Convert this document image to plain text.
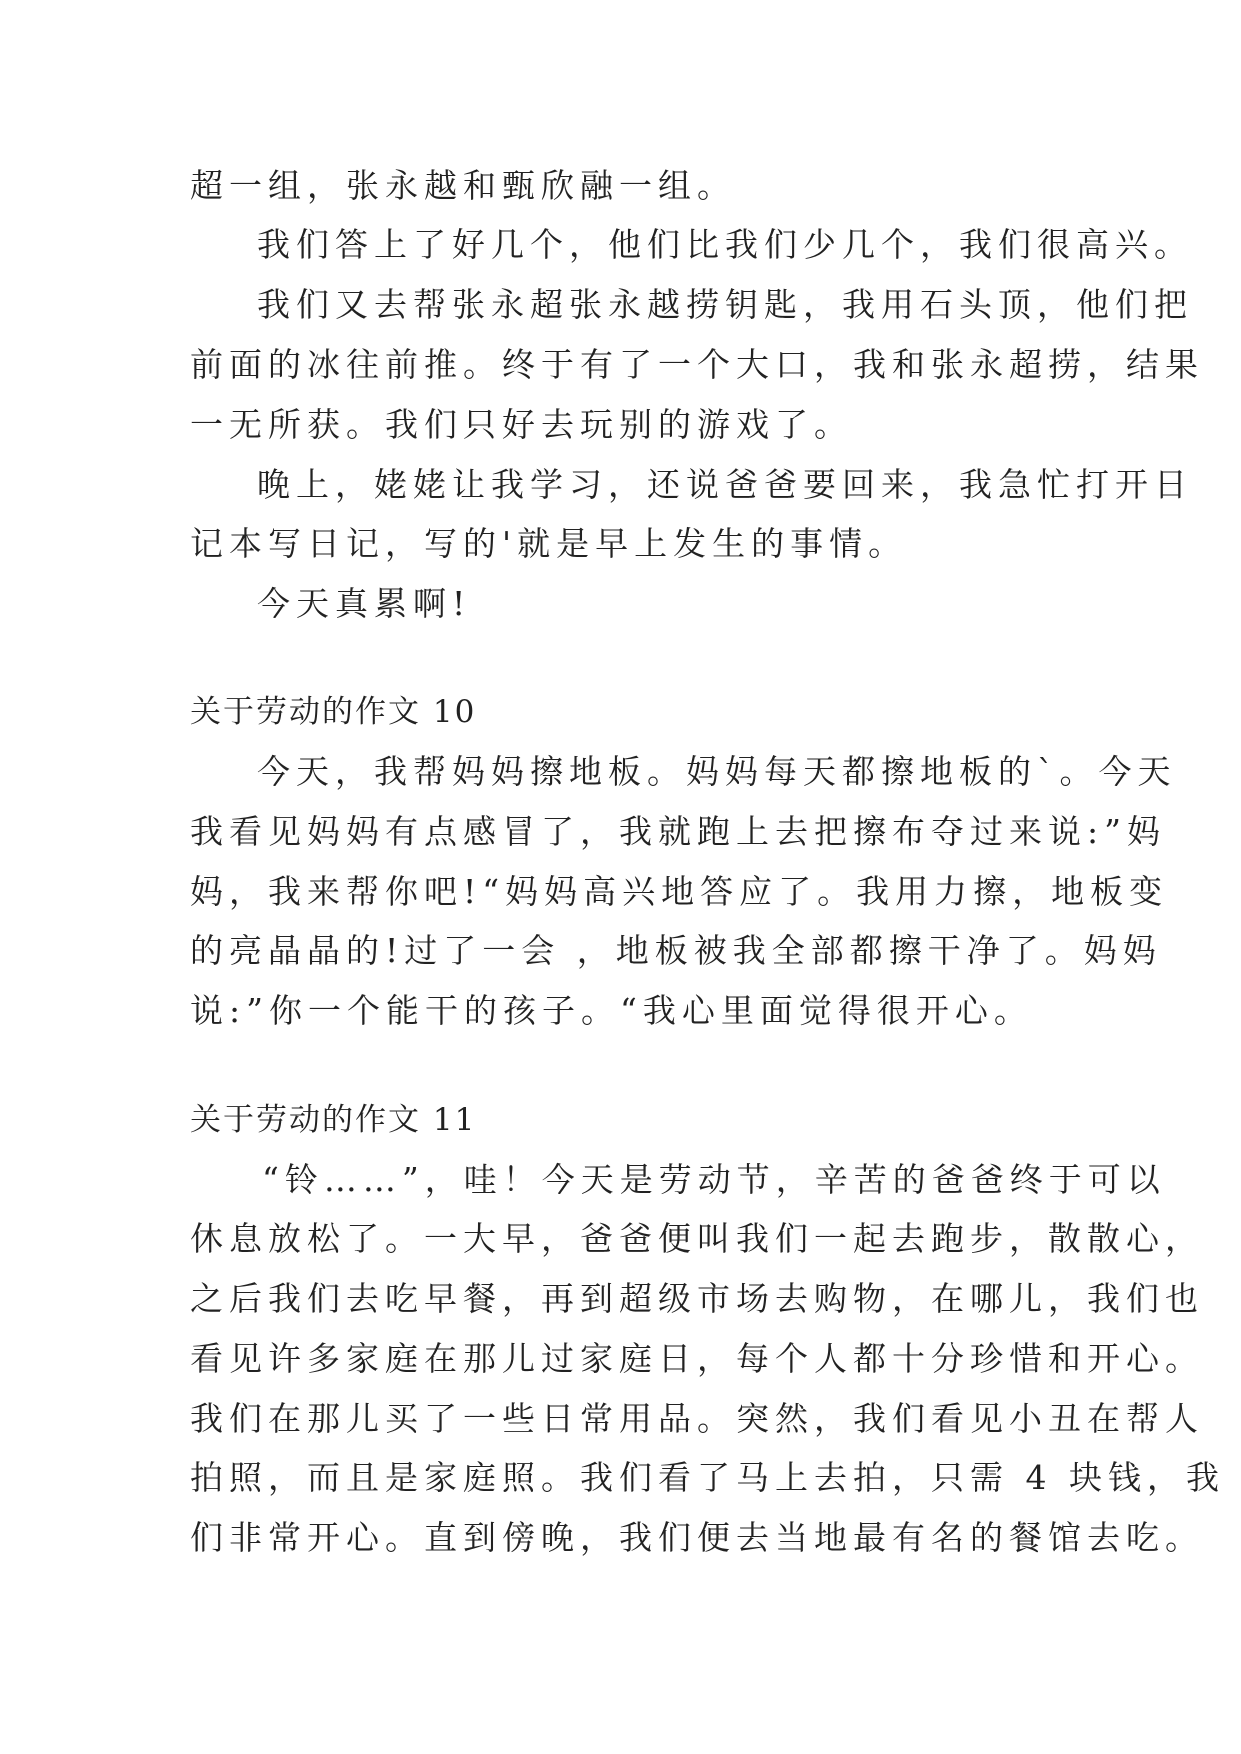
超一组，张永越和甄欣融一组。
我们答上了好几个，他们比我们少几个，我们很高兴。
我们又去帮张永超张永越捞钥匙，我用石头顶，他们把
前面的冰往前推。终于有了一个大口，我和张永超捞，结果
一无所获。我们只好去玩别的游戏了。
晚上，姥姥让我学习，还说爸爸要回来，我急忙打开日
记本写日记，写的'就是早上发生的事情。
今天真累啊!
关于劳动的作文 10
今天，我帮妈妈擦地板。妈妈每天都擦地板的`。今天
我看见妈妈有点感冒了，我就跑上去把擦布夺过来说:”妈
妈，我来帮你吧!“妈妈高兴地答应了。我用力擦，地板变
的亮晶晶的!过了一会 ，地板被我全部都擦干净了。妈妈
说:”你一个能干的孩子。“我心里面觉得很开心。
关于劳动的作文 11
“铃……”，哇！今天是劳动节，辛苦的爸爸终于可以
休息放松了。一大早，爸爸便叫我们一起去跑步，散散心，
之后我们去吃早餐，再到超级市场去购物，在哪儿，我们也
看见许多家庭在那儿过家庭日，每个人都十分珍惜和开心。
我们在那儿买了一些日常用品。突然，我们看见小丑在帮人
拍照，而且是家庭照。我们看了马上去拍，只需 4 块钱，我
们非常开心。直到傍晚，我们便去当地最有名的餐馆去吃。
